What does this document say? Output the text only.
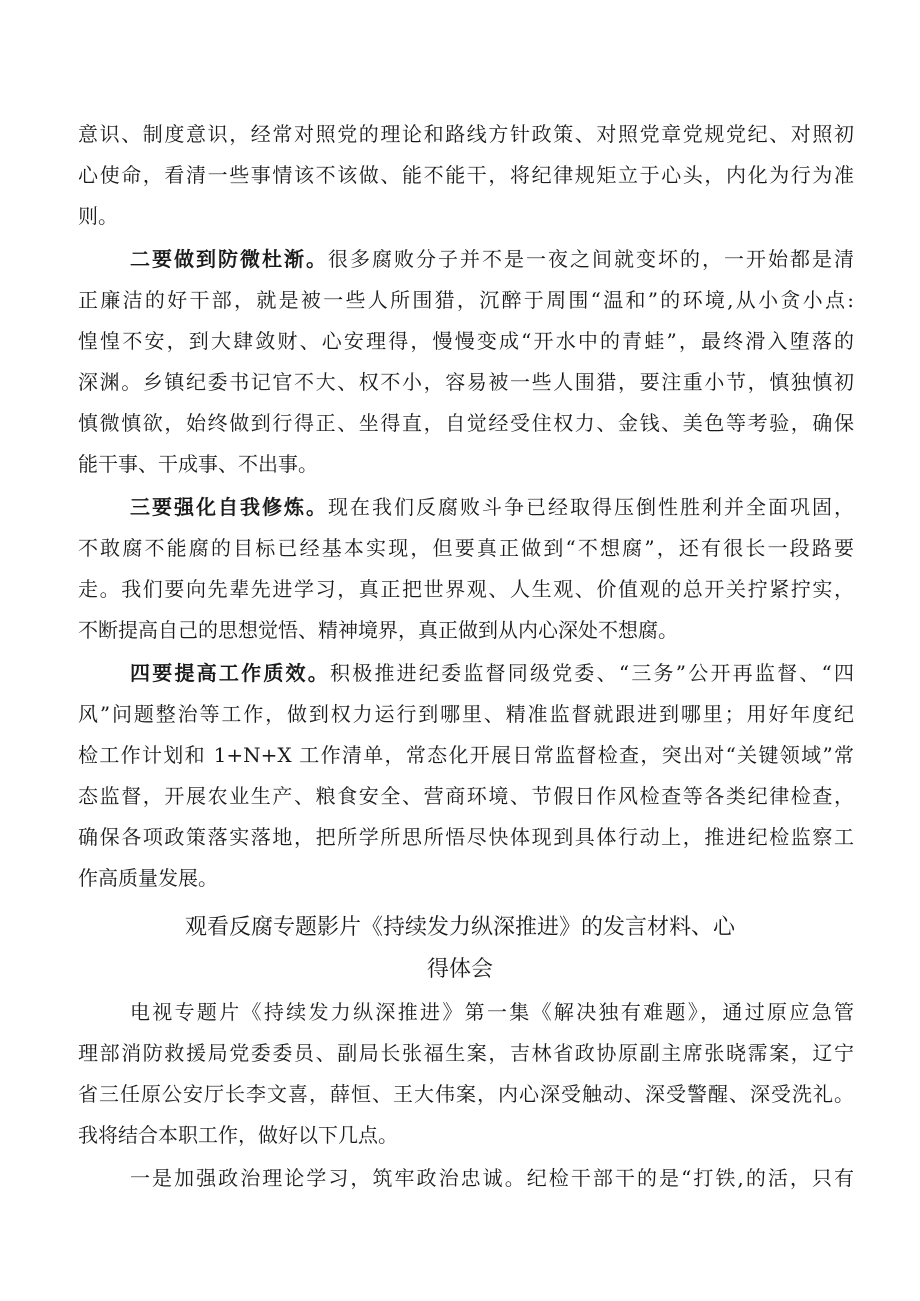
意识、制度意识，经常对照党的理论和路线方针政策、对照党章党规党纪、对照初
心使命，看清一些事情该不该做、能不能干，将纪律规矩立于心头，内化为行为准
则。
二要做到防微杜渐。很多腐败分子并不是一夜之间就变坏的，一开始都是清
正廉洁的好干部，就是被一些人所围猎，沉醉于周围“温和”的环境,从小贪小点:
惶惶不安，到大肆敛财、心安理得，慢慢变成“开水中的青蛙”，最终滑入堕落的
深渊。乡镇纪委书记官不大、权不小，容易被一些人围猎，要注重小节，慎独慎初
慎微慎欲，始终做到行得正、坐得直，自觉经受住权力、金钱、美色等考验，确保
能干事、干成事、不出事。
三要强化自我修炼。现在我们反腐败斗争已经取得压倒性胜利并全面巩固，
不敢腐不能腐的目标已经基本实现，但要真正做到“不想腐”，还有很长一段路要
走。我们要向先辈先进学习，真正把世界观、人生观、价值观的总开关拧紧拧实，
不断提高自己的思想觉悟、精神境界，真正做到从内心深处不想腐。
四要提高工作质效。积极推进纪委监督同级党委、“三务”公开再监督、“四
风”问题整治等工作，做到权力运行到哪里、精准监督就跟进到哪里；用好年度纪
检工作计划和 1+N+X 工作清单，常态化开展日常监督检查，突出对“关键领域”常
态监督，开展农业生产、粮食安全、营商环境、节假日作风检查等各类纪律检查，
确保各项政策落实落地，把所学所思所悟尽快体现到具体行动上，推进纪检监察工
作高质量发展。
观看反腐专题影片《持续发力纵深推进》的发言材料、心
得体会
电视专题片《持续发力纵深推进》第一集《解决独有难题》，通过原应急管
理部消防救援局党委委员、副局长张福生案，吉林省政协原副主席张晓霈案，辽宁
省三任原公安厅长李文喜，薛恒、王大伟案，内心深受触动、深受警醒、深受洗礼。
我将结合本职工作，做好以下几点。
一是加强政治理论学习，筑牢政治忠诚。纪检干部干的是“打铁,的活，只有
